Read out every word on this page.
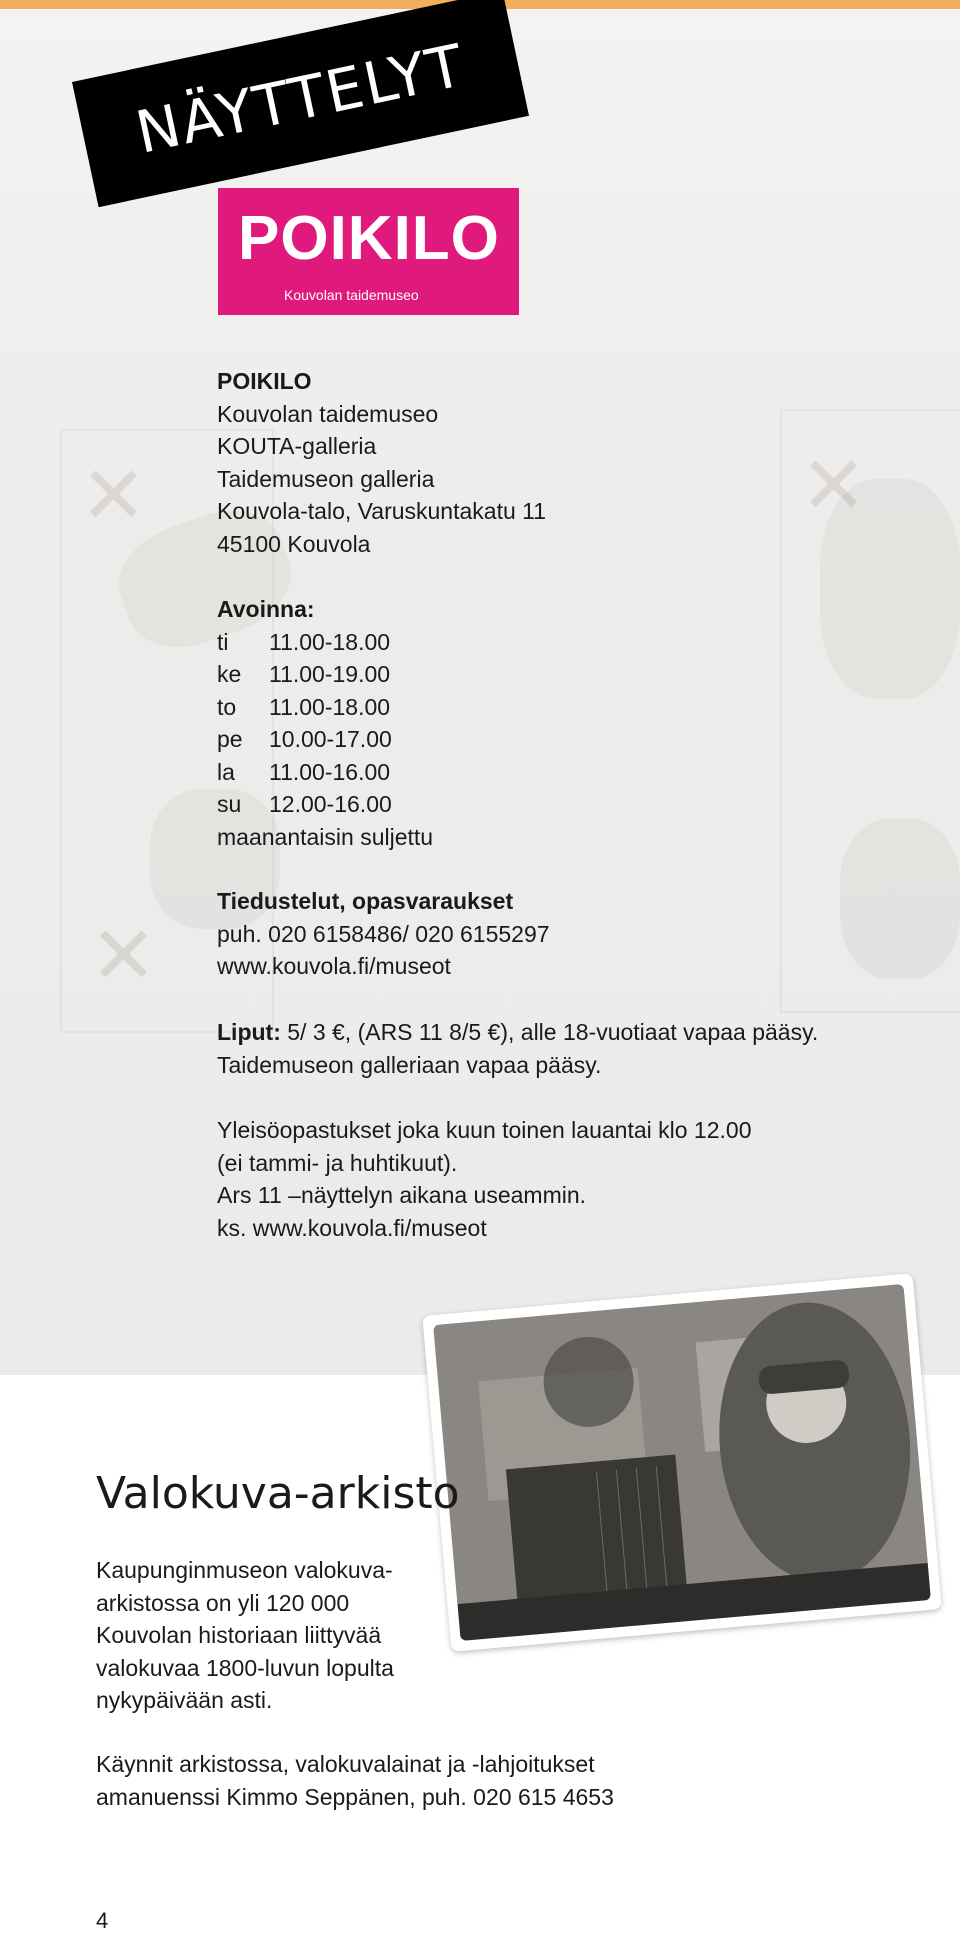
✕
✕
✕
NÄYTTELYT
POIKILO
Kouvolan taidemuseo
POIKILO
Kouvolan taidemuseo
KOUTA-galleria
Taidemuseon galleria
Kouvola-talo, Varuskuntakatu 11
45100 Kouvola
Avoinna:
ti	11.00-18.00
ke	11.00-19.00
to	11.00-18.00
pe	10.00-17.00
la	11.00-16.00
su	12.00-16.00
maanantaisin suljettu
Tiedustelut, opasvaraukset
puh. 020 6158486/ 020 6155297
www.kouvola.fi/museot
Liput: 5/ 3 €, (ARS 11 8/5 €), alle 18-vuotiaat vapaa pääsy.
Taidemuseon galleriaan vapaa pääsy.
Yleisöopastukset joka kuun toinen lauantai klo 12.00
(ei tammi- ja huhtikuut).
Ars 11 –näyttelyn aikana useammin.
ks. www.kouvola.fi/museot
Valokuva-arkisto
Kaupunginmuseon valokuva-
arkistossa on yli 120 000
Kouvolan historiaan liittyvää
valokuvaa 1800-luvun lopulta
nykypäivään asti.
Käynnit arkistossa, valokuvalainat ja -lahjoitukset
amanuenssi Kimmo Seppänen, puh. 020 615 4653
4
